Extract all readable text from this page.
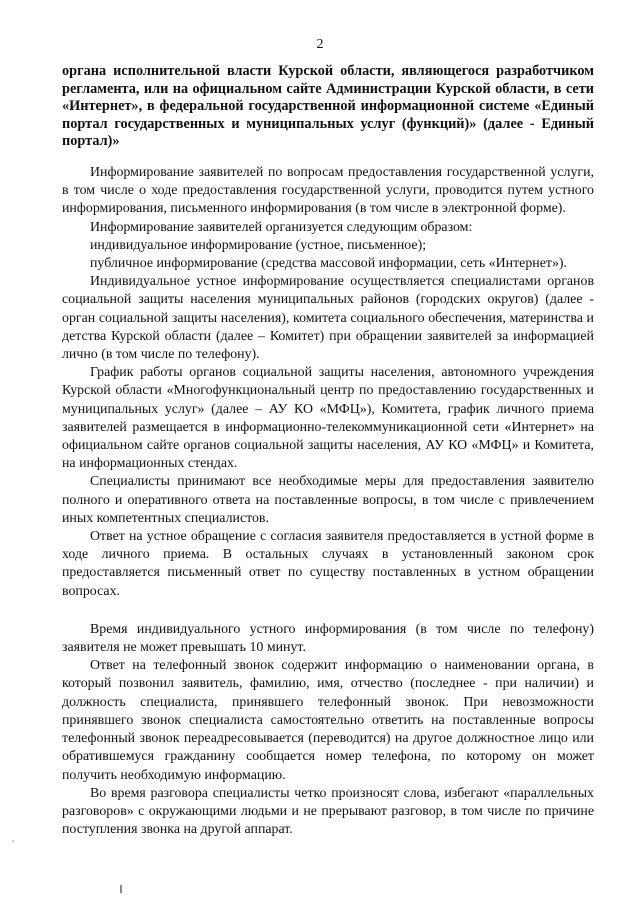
2
органа исполнительной власти Курской области, являющегося разработчиком регламента, или на официальном сайте Администрации Курской области, в сети «Интернет», в федеральной государственной информационной системе «Единый портал государственных и муниципальных услуг (функций)» (далее - Единый портал)»

Информирование заявителей по вопросам предоставления государственной услуги, в том числе о ходе предоставления государственной услуги, проводится путем устного информирования, письменного информирования (в том числе в электронной форме).

Информирование заявителей организуется следующим образом:

индивидуальное информирование (устное, письменное);

публичное информирование (средства массовой информации, сеть «Интернет»).

Индивидуальное устное информирование осуществляется специалистами органов социальной защиты населения муниципальных районов (городских округов) (далее - орган социальной защиты населения), комитета социального обеспечения, материнства и детства Курской области (далее – Комитет) при обращении заявителей за информацией лично (в том числе по телефону).

График работы органов социальной защиты населения, автономного учреждения Курской области «Многофункциональный центр по предоставлению государственных и муниципальных услуг» (далее – АУ КО «МФЦ»), Комитета, график личного приема заявителей размещается в информационно-телекоммуникационной сети «Интернет» на официальном сайте органов социальной защиты населения, АУ КО «МФЦ» и Комитета, на информационных стендах.

Специалисты принимают все необходимые меры для предоставления заявителю полного и оперативного ответа на поставленные вопросы, в том числе с привлечением иных компетентных специалистов.

Ответ на устное обращение с согласия заявителя предоставляется в устной форме в ходе личного приема. В остальных случаях в установленный законом срок предоставляется письменный ответ по существу поставленных в устном обращении вопросах.

Время индивидуального устного информирования (в том числе по телефону) заявителя не может превышать 10 минут.

Ответ на телефонный звонок содержит информацию о наименовании органа, в который позвонил заявитель, фамилию, имя, отчество (последнее - при наличии) и должность специалиста, принявшего телефонный звонок. При невозможности принявшего звонок специалиста самостоятельно ответить на поставленные вопросы телефонный звонок переадресовывается (переводится) на другое должностное лицо или обратившемуся гражданину сообщается номер телефона, по которому он может получить необходимую информацию.

Во время разговора специалисты четко произносят слова, избегают «параллельных разговоров» с окружающими людьми и не прерывают разговор, в том числе по причине поступления звонка на другой аппарат.
